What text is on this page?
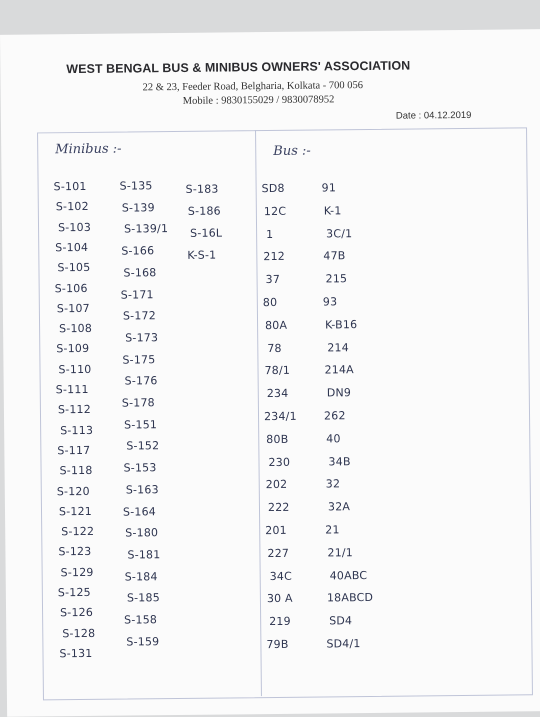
WEST BENGAL BUS & MINIBUS OWNERS' ASSOCIATION
22 & 23, Feeder Road, Belgharia, Kolkata - 700 056
Mobile : 9830155029 / 9830078952
Date : 04.12.2019
Minibus :-	Bus :-
S-101
S-102
S-103
S-104
S-105
S-106
S-107
S-108
S-109
S-110
S-111
S-112
S-113
S-117
S-118
S-120
S-121
S-122
S-123
S-129
S-125
S-126
S-128
S-131
S-135
S-139
S-139/1
S-166
S-168
S-171
S-172
S-173
S-175
S-176
S-178
S-151
S-152
S-153
S-163
S-164
S-180
S-181
S-184
S-185
S-158
S-159
S-183
S-186
S-16L
K-S-1
SD8
12C
1
212
37
80
80A
78
78/1
234
234/1
80B
230
202
222
201
227
34C
30 A
219
79B
91
K-1
3C/1
47B
215
93
K-B16
214
214A
DN9
262
40
34B
32
32A
21
21/1
40ABC
18ABCD
SD4
SD4/1
